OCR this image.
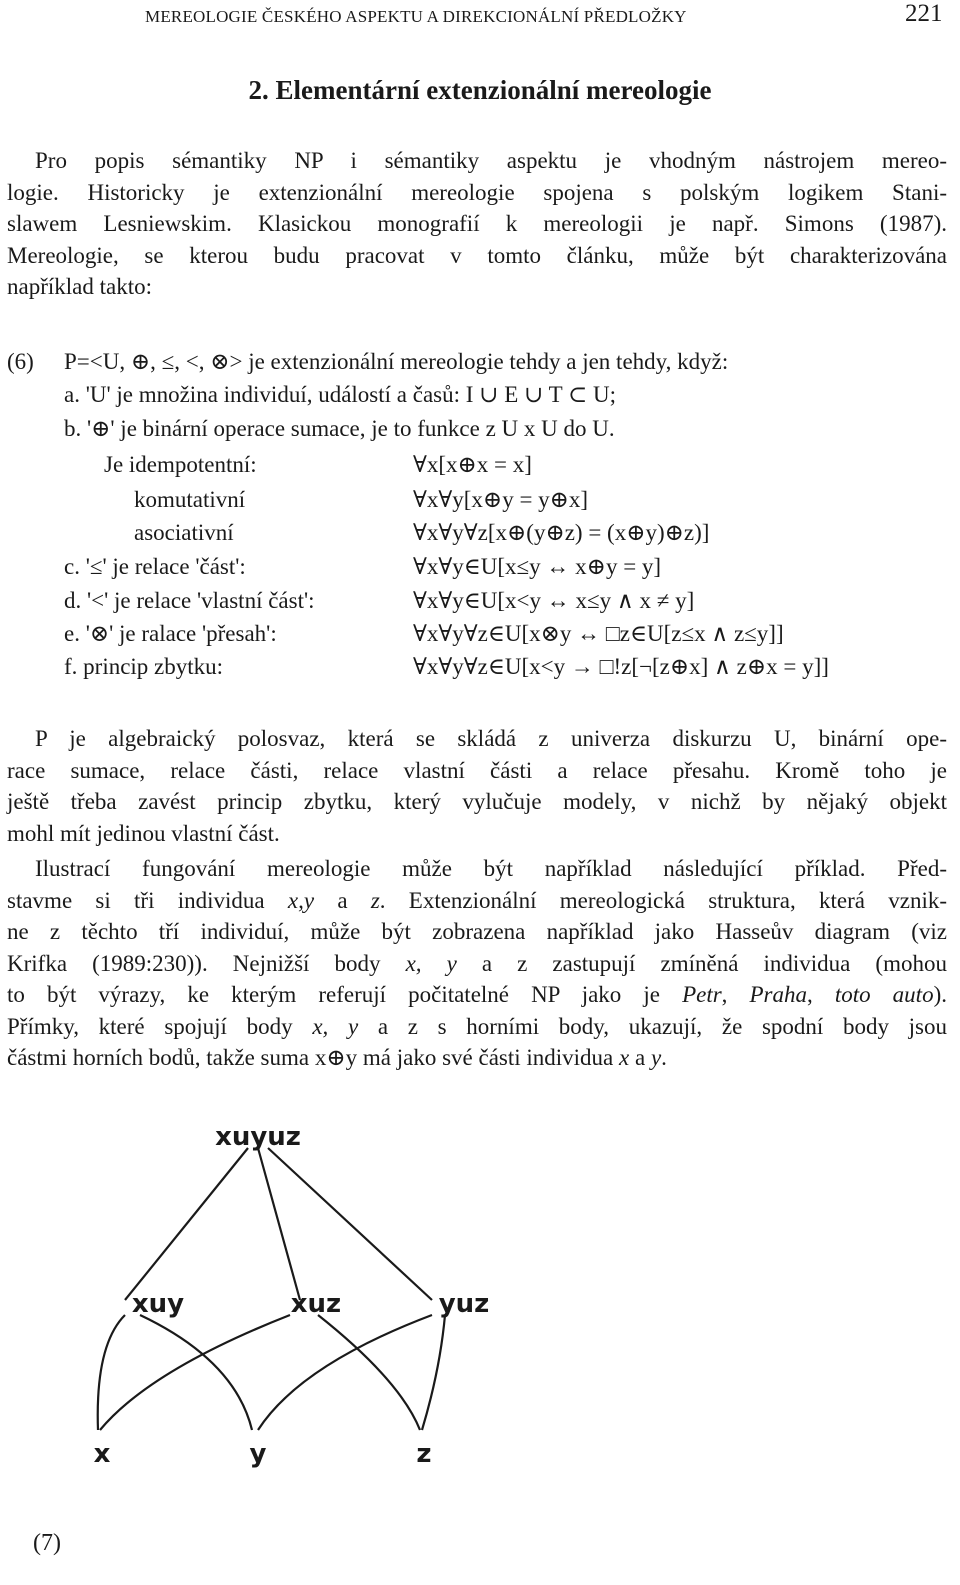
MEREOLOGIE ČESKÉHO ASPEKTU A DIREKCIONÁLNÍ PŘEDLOŽKY	221
2. Elementární extenzionální mereologie
Pro popis sémantiky NP i sémantiky aspektu je vhodným nástrojem mereo-
logie. Historicky je extenzionální mereologie spojena s polským logikem Stani-
slawem Lesniewskim. Klasickou monografií k mereologii je např. Simons (1987).
Mereologie, se kterou budu pracovat v tomto článku, může být charakterizována
například takto:
(6) P=<U, ⊕, ≤, <, ⊗> je extenzionální mereologie tehdy a jen tehdy, když:
a. 'U' je množina individuí, událostí a časů: I ∪ E ∪ T ⊂ U;
b. '⊕' je binární operace sumace, je to funkce z U x U do U.
Je idempotentní:	∀x[x⊕x = x]
komutativní	∀x∀y[x⊕y = y⊕x]
asociativní	∀x∀y∀z[x⊕(y⊕z) = (x⊕y)⊕z)]
c. '≤' je relace 'část':	∀x∀y∈U[x≤y ↔ x⊕y = y]
d. '<' je relace 'vlastní část':	∀x∀y∈U[x<y ↔ x≤y ∧ x ≠ y]
e. '⊗' je ralace 'přesah':	∀x∀y∀z∈U[x⊗y ↔ □z∈U[z≤x ∧ z≤y]]
f. princip zbytku:	∀x∀y∀z∈U[x<y → □!z[¬[z⊕x] ∧ z⊕x = y]]
P je algebraický polosvaz, která se skládá z univerza diskurzu U, binární ope-
race sumace, relace části, relace vlastní části a relace přesahu. Kromě toho je
ještě třeba zavést princip zbytku, který vylučuje modely, v nichž by nějaký objekt
mohl mít jedinou vlastní část.
Ilustrací fungování mereologie může být například následující příklad. Před-
stavme si tři individua x,y a z. Extenzionální mereologická struktura, která vznik-
ne z těchto tří individuí, může být zobrazena například jako Hasseův diagram (viz
Krifka (1989:230)). Nejnižší body x, y a z zastupují zmíněná individua (mohou
to být výrazy, ke kterým referují počitatelné NP jako je Petr, Praha, toto auto).
Přímky, které spojují body x, y a z s horními body, ukazují, že spodní body jsou
částmi horních bodů, takže suma x⊕y má jako své části individua x a y.
xuyuz
xuy	xuz	yuz
x	y	z
(7)
